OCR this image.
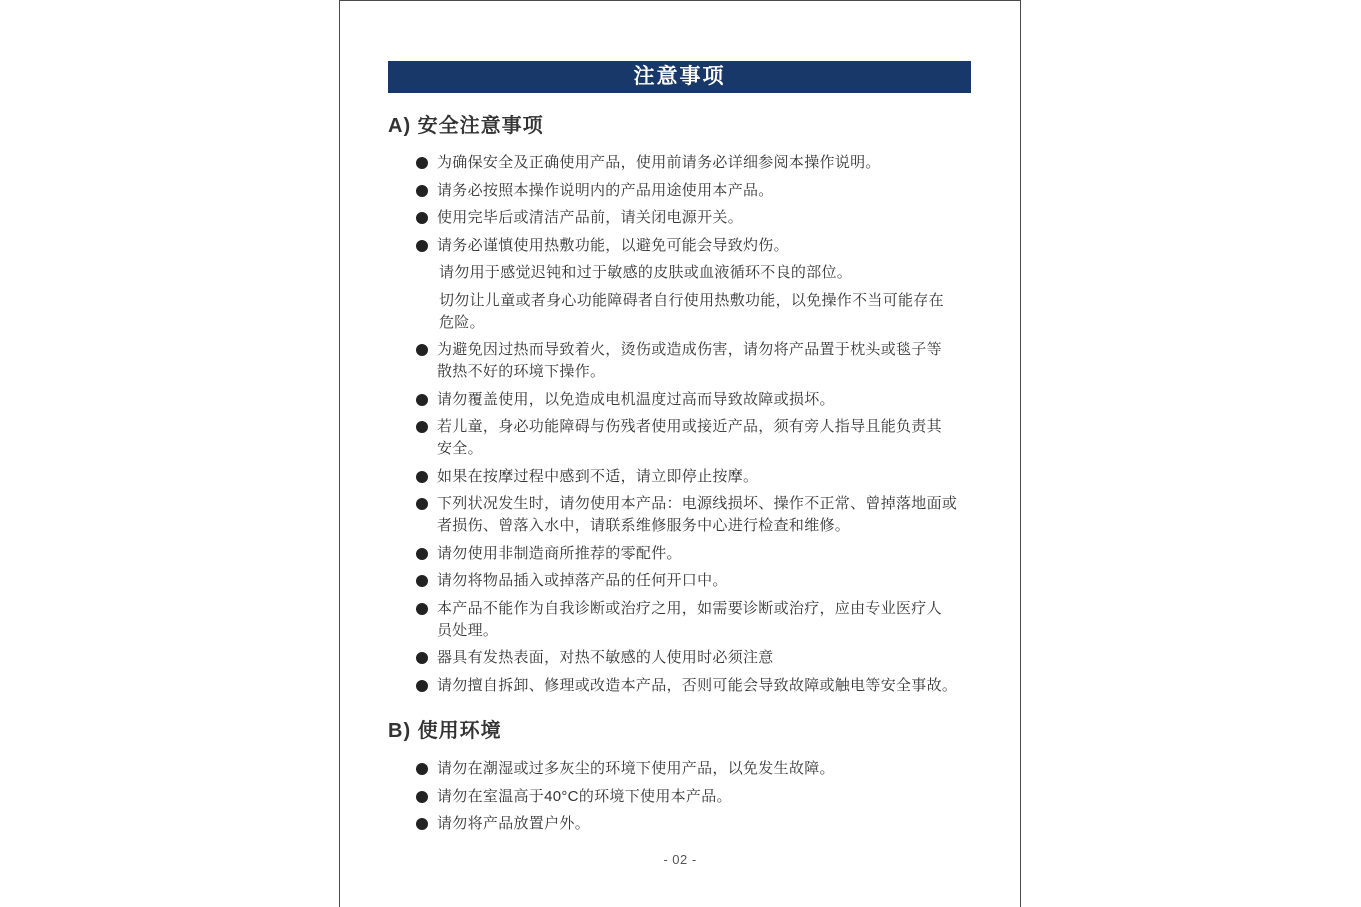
注意事项
A) 安全注意事项
为确保安全及正确使用产品，使用前请务必详细参阅本操作说明。
请务必按照本操作说明内的产品用途使用本产品。
使用完毕后或清洁产品前，请关闭电源开关。
请务必谨慎使用热敷功能，以避免可能会导致灼伤。
请勿用于感觉迟钝和过于敏感的皮肤或血液循环不良的部位。
切勿让儿童或者身心功能障碍者自行使用热敷功能，以免操作不当可能存在
危险。
为避免因过热而导致着火，烫伤或造成伤害，请勿将产品置于枕头或毯子等
散热不好的环境下操作。
请勿覆盖使用，以免造成电机温度过高而导致故障或损坏。
若儿童，身必功能障碍与伤残者使用或接近产品，须有旁人指导且能负责其
安全。
如果在按摩过程中感到不适，请立即停止按摩。
下列状况发生时，请勿使用本产品：电源线损坏、操作不正常、曾掉落地面或
者损伤、曾落入水中，请联系维修服务中心进行检查和维修。
请勿使用非制造商所推荐的零配件。
请勿将物品插入或掉落产品的任何开口中。
本产品不能作为自我诊断或治疗之用，如需要诊断或治疗，应由专业医疗人
员处理。
器具有发热表面，对热不敏感的人使用时必须注意
请勿擅自拆卸、修理或改造本产品，否则可能会导致故障或触电等安全事故。
B) 使用环境
请勿在潮湿或过多灰尘的环境下使用产品，以免发生故障。
请勿在室温高于40°C的环境下使用本产品。
请勿将产品放置户外。
- 02 -
